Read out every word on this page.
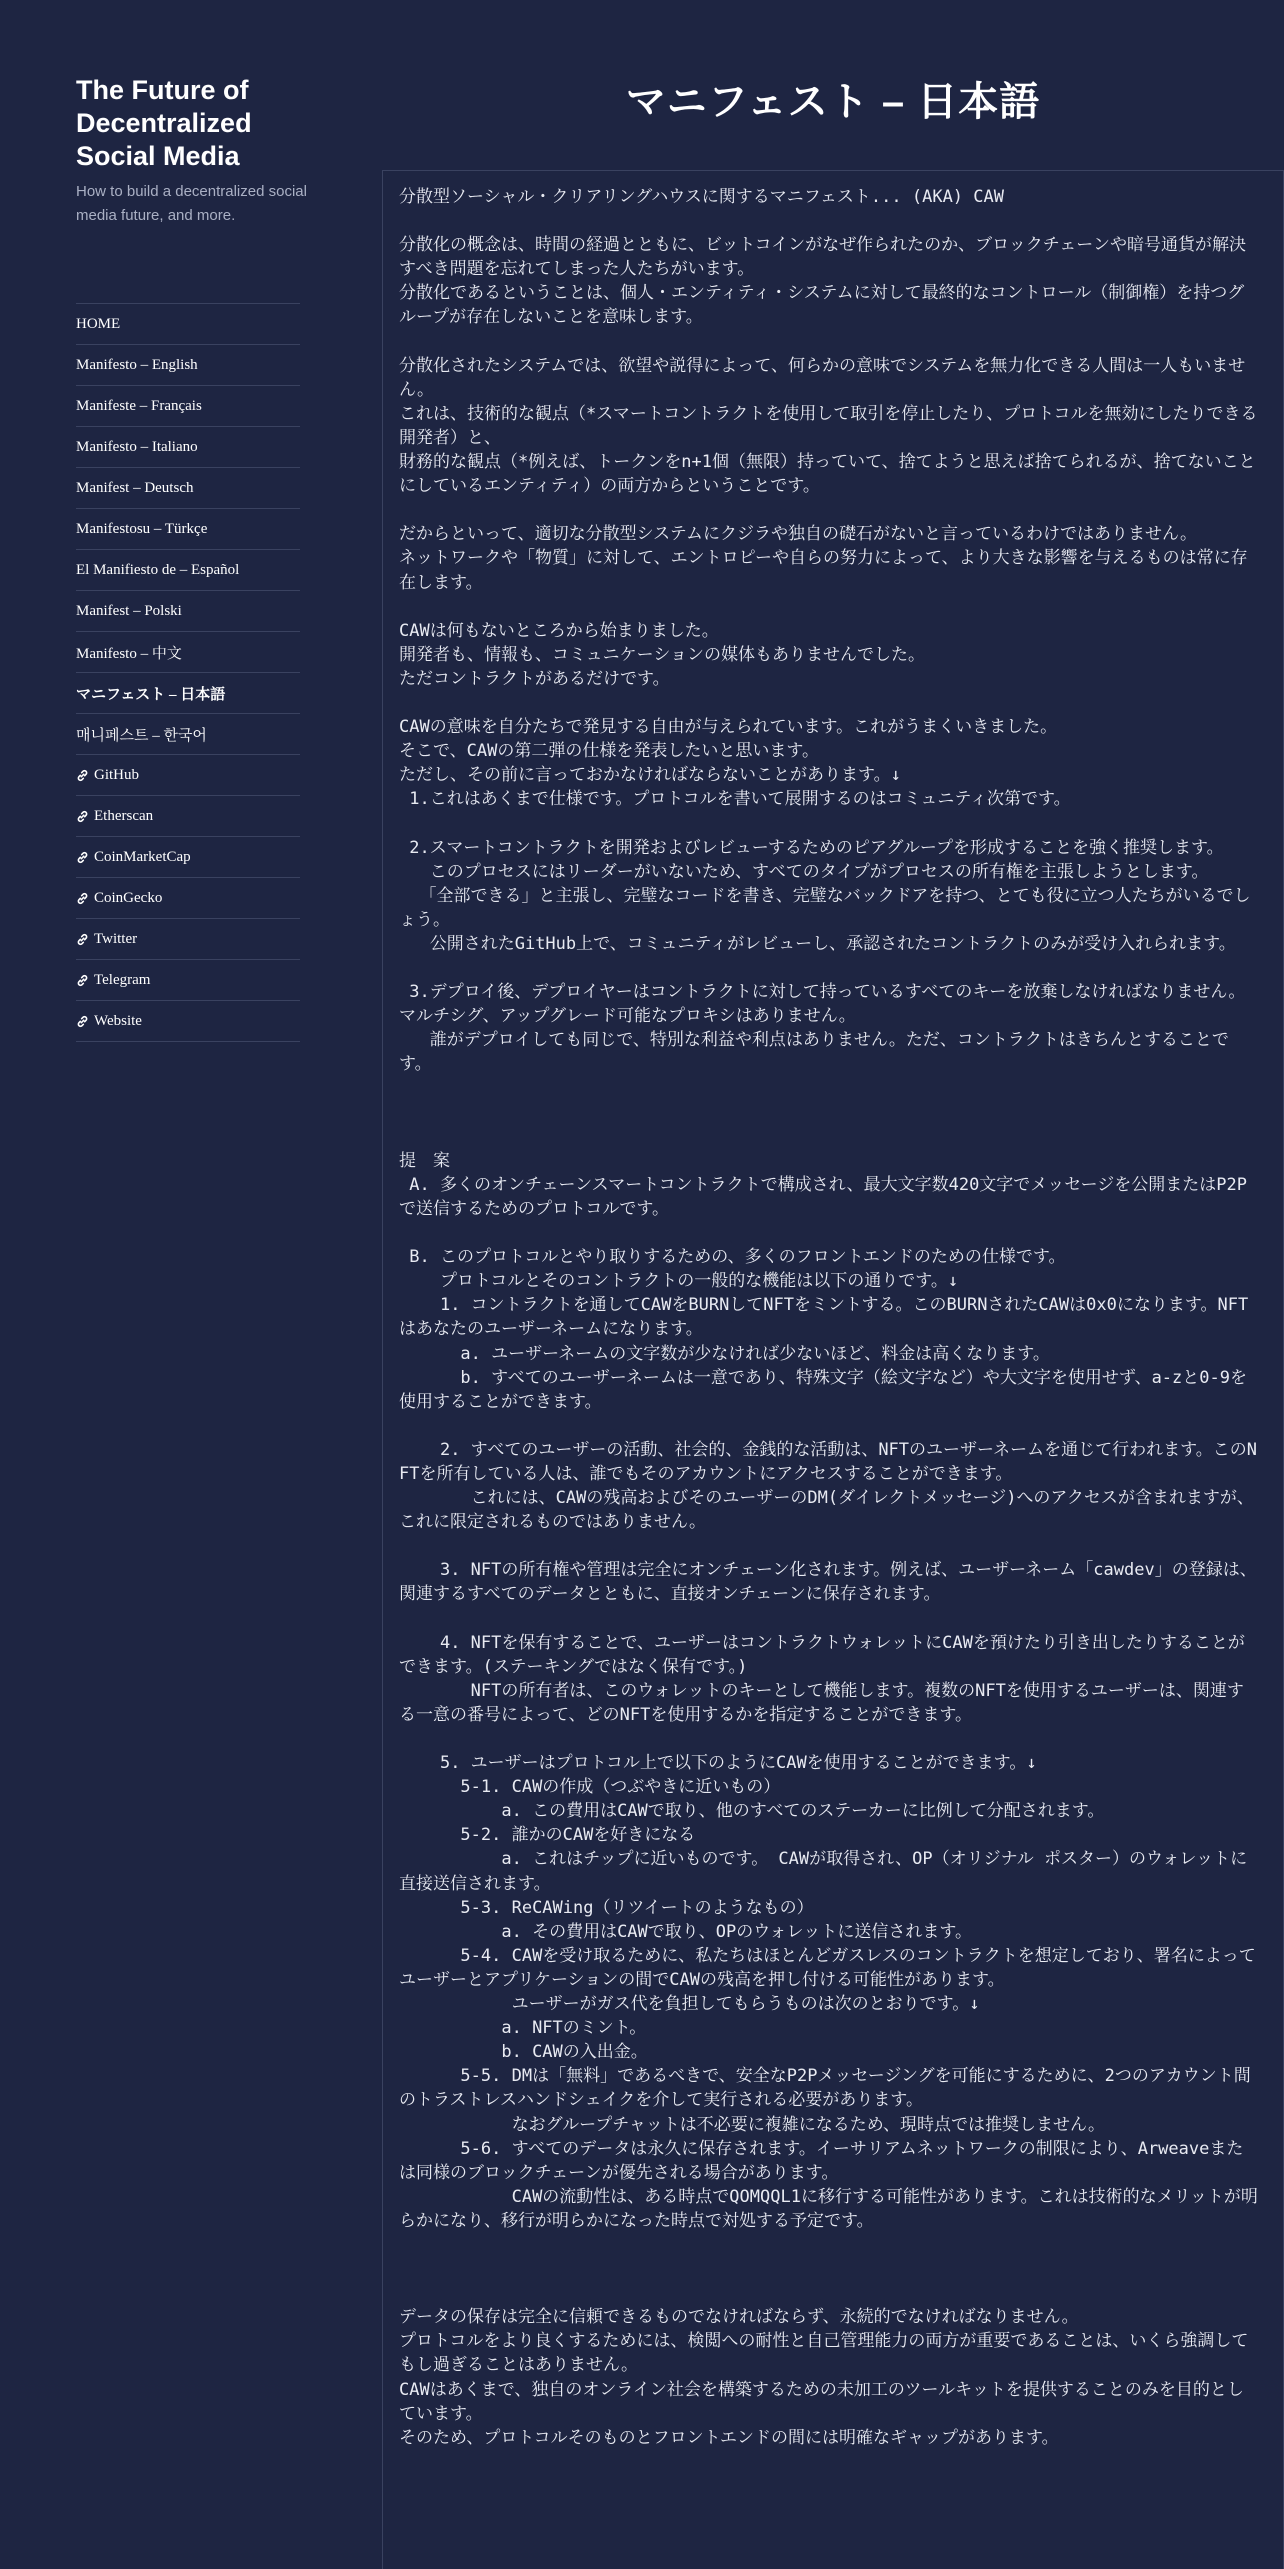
The Future of Decentralized Social Media
How to build a decentralized social media future, and more.
HOME
Manifesto – English
Manifeste – Français
Manifesto – Italiano
Manifest – Deutsch
Manifestosu – Türkçe
El Manifiesto de – Español
Manifest – Polski
Manifesto – 中文
マニフェスト – 日本語
매니페스트 – 한국어
GitHub
Etherscan
CoinMarketCap
CoinGecko
Twitter
Telegram
Website
マニフェスト – 日本語
分散型ソーシャル・クリアリングハウスに関するマニフェスト... (AKA) CAW
分散化の概念は、時間の経過とともに、ビットコインがなぜ作られたのか、ブロックチェーンや暗号通貨が解決すべき問題を忘れてしまった人たちがいます。
分散化であるということは、個人・エンティティ・システムに対して最終的なコントロール（制御権）を持つグループが存在しないことを意味します。
分散化されたシステムでは、欲望や説得によって、何らかの意味でシステムを無力化できる人間は一人もいません。
これは、技術的な観点（*スマートコントラクトを使用して取引を停止したり、プロトコルを無効にしたりできる開発者）と、
財務的な観点（*例えば、トークンをn+1個（無限）持っていて、捨てようと思えば捨てられるが、捨てないことにしているエンティティ）の両方からということです。
だからといって、適切な分散型システムにクジラや独自の礎石がないと言っているわけではありません。
ネットワークや「物質」に対して、エントロピーや自らの努力によって、より大きな影響を与えるものは常に存在します。
CAWは何もないところから始まりました。
開発者も、情報も、コミュニケーションの媒体もありませんでした。
ただコントラクトがあるだけです。
CAWの意味を自分たちで発見する自由が与えられています。これがうまくいきました。
そこで、CAWの第二弾の仕様を発表したいと思います。
ただし、その前に言っておかなければならないことがあります。↓
1.これはあくまで仕様です。プロトコルを書いて展開するのはコミュニティ次第です。
2.スマートコントラクトを開発およびレビューするためのピアグループを形成することを強く推奨します。
このプロセスにはリーダーがいないため、すべてのタイプがプロセスの所有権を主張しようとします。
「全部できる」と主張し、完璧なコードを書き、完璧なバックドアを持つ、とても役に立つ人たちがいるでしょう。
公開されたGitHub上で、コミュニティがレビューし、承認されたコントラクトのみが受け入れられます。
3.デプロイ後、デプロイヤーはコントラクトに対して持っているすべてのキーを放棄しなければなりません。マルチシグ、アップグレード可能なプロキシはありません。
誰がデプロイしても同じで、特別な利益や利点はありません。ただ、コントラクトはきちんとすることです。
提　案
A. 多くのオンチェーンスマートコントラクトで構成され、最大文字数420文字でメッセージを公開またはP2Pで送信するためのプロトコルです。
B. このプロトコルとやり取りするための、多くのフロントエンドのための仕様です。
プロトコルとそのコントラクトの一般的な機能は以下の通りです。↓
1. コントラクトを通してCAWをBURNしてNFTをミントする。このBURNされたCAWは0x0になります。NFTはあなたのユーザーネームになります。
a. ユーザーネームの文字数が少なければ少ないほど、料金は高くなります。
b. すべてのユーザーネームは一意であり、特殊文字（絵文字など）や大文字を使用せず、a-zと0-9を使用することができます。
2. すべてのユーザーの活動、社会的、金銭的な活動は、NFTのユーザーネームを通じて行われます。このNFTを所有している人は、誰でもそのアカウントにアクセスすることができます。
これには、CAWの残高およびそのユーザーのDM(ダイレクトメッセージ)へのアクセスが含まれますが、これに限定されるものではありません。
3. NFTの所有権や管理は完全にオンチェーン化されます。例えば、ユーザーネーム「cawdev」の登録は、関連するすべてのデータとともに、直接オンチェーンに保存されます。
4. NFTを保有することで、ユーザーはコントラクトウォレットにCAWを預けたり引き出したりすることができます。(ステーキングではなく保有です。)
NFTの所有者は、このウォレットのキーとして機能します。複数のNFTを使用するユーザーは、関連する一意の番号によって、どのNFTを使用するかを指定することができます。
5. ユーザーはプロトコル上で以下のようにCAWを使用することができます。↓
5-1. CAWの作成（つぶやきに近いもの）
a. この費用はCAWで取り、他のすべてのステーカーに比例して分配されます。
5-2. 誰かのCAWを好きになる
a. これはチップに近いものです。 CAWが取得され、OP（オリジナル ポスター）のウォレットに直接送信されます。
5-3. ReCAWing（リツイートのようなもの）
a. その費用はCAWで取り、OPのウォレットに送信されます。
5-4. CAWを受け取るために、私たちはほとんどガスレスのコントラクトを想定しており、署名によってユーザーとアプリケーションの間でCAWの残高を押し付ける可能性があります。
ユーザーがガス代を負担してもらうものは次のとおりです。↓
a. NFTのミント。
b. CAWの入出金。
5-5. DMは「無料」であるべきで、安全なP2Pメッセージングを可能にするために、2つのアカウント間のトラストレスハンドシェイクを介して実行される必要があります。
なおグループチャットは不必要に複雑になるため、現時点では推奨しません。
5-6. すべてのデータは永久に保存されます。イーサリアムネットワークの制限により、Arweaveまたは同様のブロックチェーンが優先される場合があります。
CAWの流動性は、ある時点でQOMQQL1に移行する可能性があります。これは技術的なメリットが明らかになり、移行が明らかになった時点で対処する予定です。
データの保存は完全に信頼できるものでなければならず、永続的でなければなりません。
プロトコルをより良くするためには、検閲への耐性と自己管理能力の両方が重要であることは、いくら強調してもし過ぎることはありません。
CAWはあくまで、独自のオンライン社会を構築するための未加工のツールキットを提供することのみを目的としています。
そのため、プロトコルそのものとフロントエンドの間には明確なギャップがあります。
